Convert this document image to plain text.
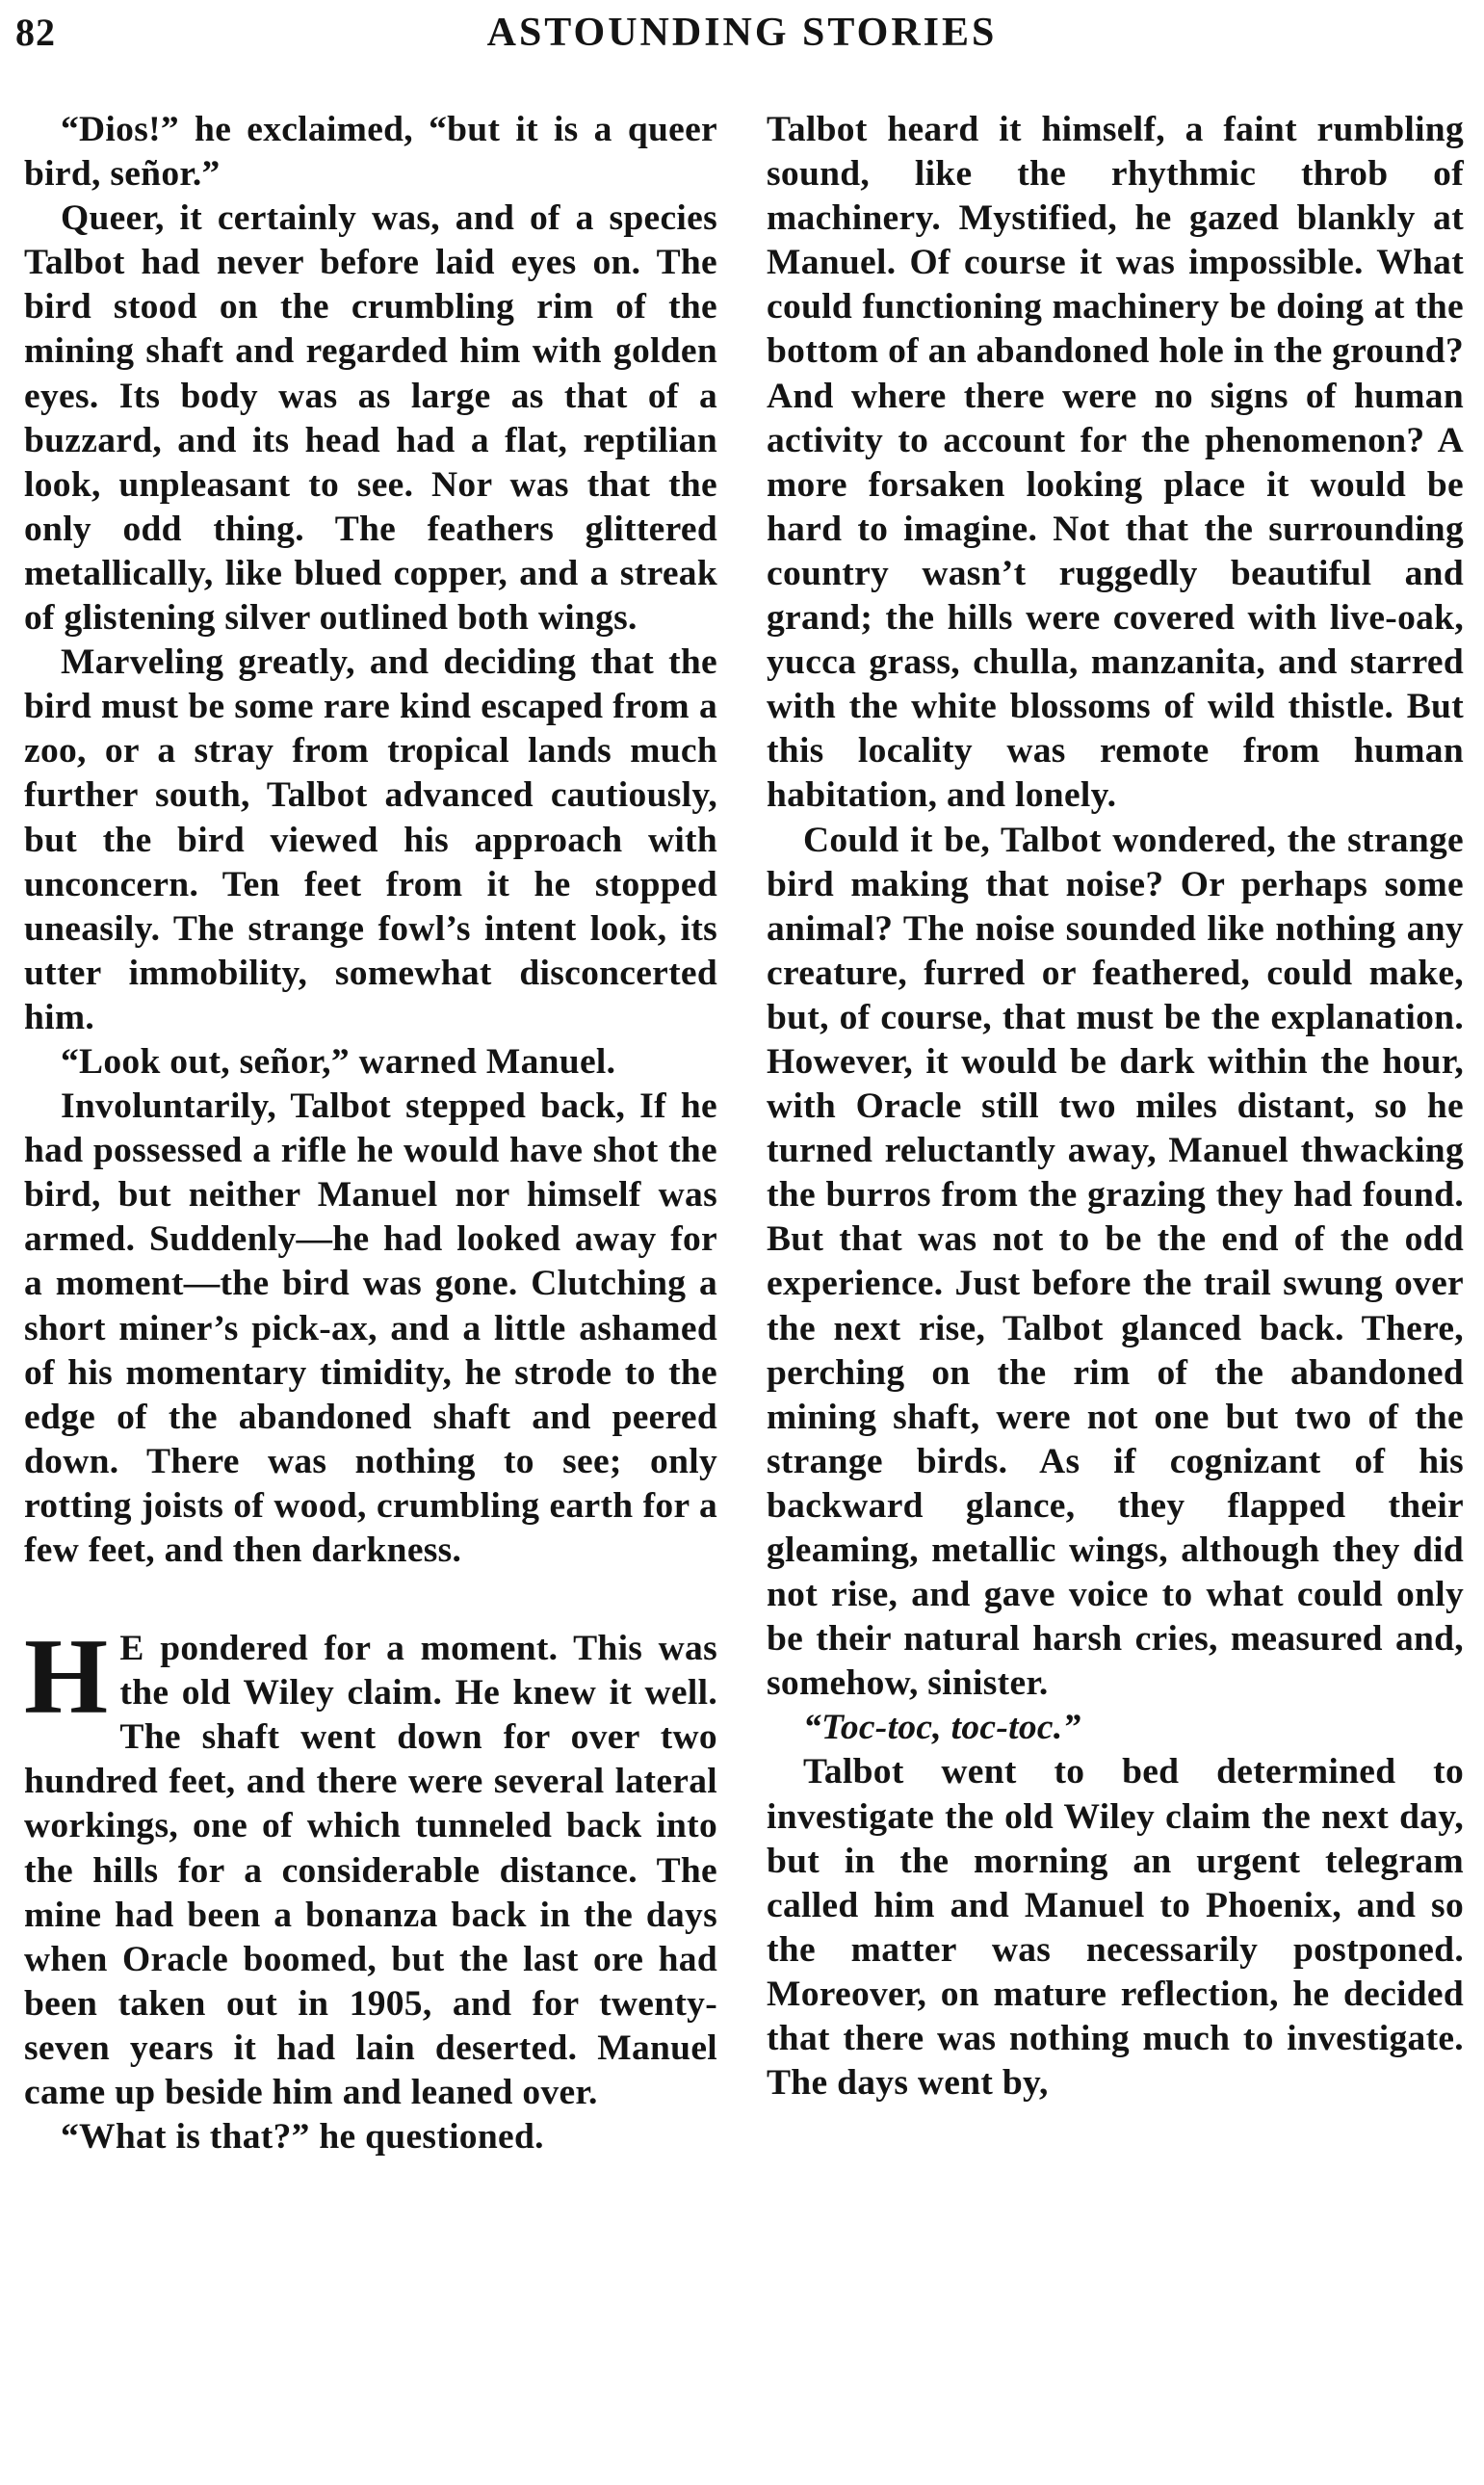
82	ASTOUNDING STORIES

“Dios!” he exclaimed, “but it is a queer bird, señor.”

Queer, it certainly was, and of a species Talbot had never before laid eyes on. The bird stood on the crumbling rim of the mining shaft and regarded him with golden eyes. Its body was as large as that of a buzzard, and its head had a flat, reptilian look, unpleasant to see. Nor was that the only odd thing. The feathers glittered metallically, like blued copper, and a streak of glistening silver outlined both wings.

Marveling greatly, and deciding that the bird must be some rare kind escaped from a zoo, or a stray from tropical lands much further south, Talbot advanced cautiously, but the bird viewed his approach with unconcern. Ten feet from it he stopped uneasily. The strange fowl’s intent look, its utter immobility, somewhat disconcerted him.

“Look out, señor,” warned Manuel.

Involuntarily, Talbot stepped back, If he had possessed a rifle he would have shot the bird, but neither Manuel nor himself was armed. Suddenly—he had looked away for a moment—the bird was gone. Clutching a short miner’s pick-ax, and a little ashamed of his momentary timidity, he strode to the edge of the abandoned shaft and peered down. There was nothing to see; only rotting joists of wood, crumbling earth for a few feet, and then darkness.

H E pondered for a moment. This was the old Wiley claim. He knew it well. The shaft went down for over two hundred feet, and there were several lateral workings, one of which tunneled back into the hills for a considerable distance. The mine had been a bonanza back in the days when Oracle boomed, but the last ore had been taken out in 1905, and for twenty-seven years it had lain deserted. Manuel came up beside him and leaned over.

“What is that?” he questioned.

Talbot heard it himself, a faint rumbling sound, like the rhythmic throb of machinery. Mystified, he gazed blankly at Manuel. Of course it was impossible. What could functioning machinery be doing at the bottom of an abandoned hole in the ground? And where there were no signs of human activity to account for the phenomenon? A more forsaken looking place it would be hard to imagine. Not that the surrounding country wasn’t ruggedly beautiful and grand; the hills were covered with live-oak, yucca grass, chulla, manzanita, and starred with the white blossoms of wild thistle. But this locality was remote from human habitation, and lonely.

Could it be, Talbot wondered, the strange bird making that noise? Or perhaps some animal? The noise sounded like nothing any creature, furred or feathered, could make, but, of course, that must be the explanation. However, it would be dark within the hour, with Oracle still two miles distant, so he turned reluctantly away, Manuel thwacking the burros from the grazing they had found. But that was not to be the end of the odd experience. Just before the trail swung over the next rise, Talbot glanced back. There, perching on the rim of the abandoned mining shaft, were not one but two of the strange birds. As if cognizant of his backward glance, they flapped their gleaming, metallic wings, although they did not rise, and gave voice to what could only be their natural harsh cries, measured and, somehow, sinister.

“Toc-toc, toc-toc.”

Talbot went to bed determined to investigate the old Wiley claim the next day, but in the morning an urgent telegram called him and Manuel to Phoenix, and so the matter was necessarily postponed. Moreover, on mature reflection, he decided that there was nothing much to investigate. The days went by,
